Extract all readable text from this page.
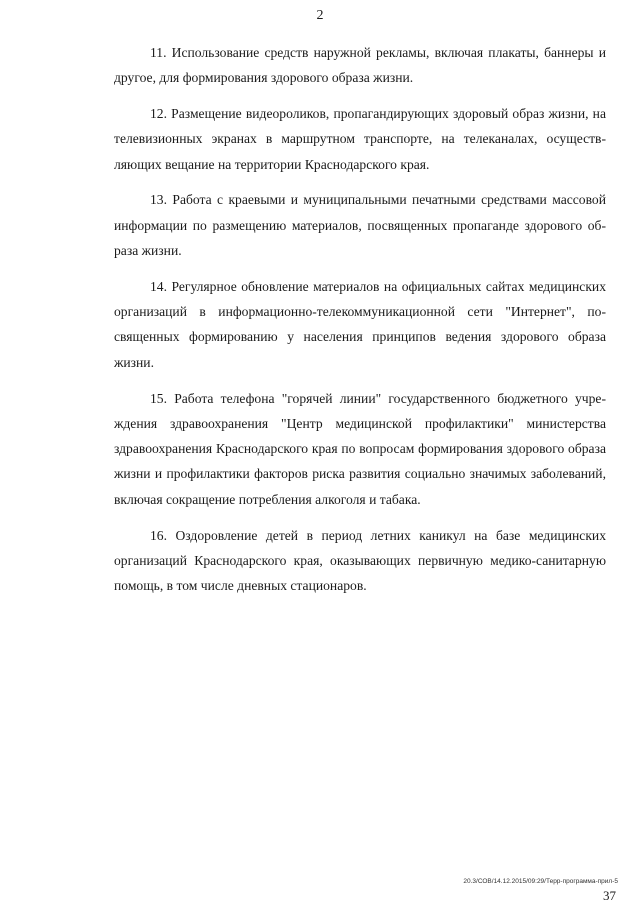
2

11. Использование средств наружной рекламы, включая плакаты, баннеры и другое, для формирования здорового образа жизни.

12. Размещение видеороликов, пропагандирующих здоровый образ жизни, на телевизионных экранах в маршрутном транспорте, на телеканалах, осуществляющих вещание на территории Краснодарского края.

13. Работа с краевыми и муниципальными печатными средствами массовой информации по размещению материалов, посвященных пропаганде здорового образа жизни.

14. Регулярное обновление материалов на официальных сайтах медицинских организаций в информационно-телекоммуникационной сети "Интернет", посвященных формированию у населения принципов ведения здорового образа жизни.

15. Работа телефона "горячей линии" государственного бюджетного учреждения здравоохранения "Центр медицинской профилактики" министерства здравоохранения Краснодарского края по вопросам формирования здорового образа жизни и профилактики факторов риска развития социально значимых заболеваний, включая сокращение потребления алкоголя и табака.

16. Оздоровление детей в период летних каникул на базе медицинских организаций Краснодарского края, оказывающих первичную медико-санитарную помощь, в том числе дневных стационаров.

20.3/СОВ/14.12.2015/09:29/Терр-программа-прил-5
37
